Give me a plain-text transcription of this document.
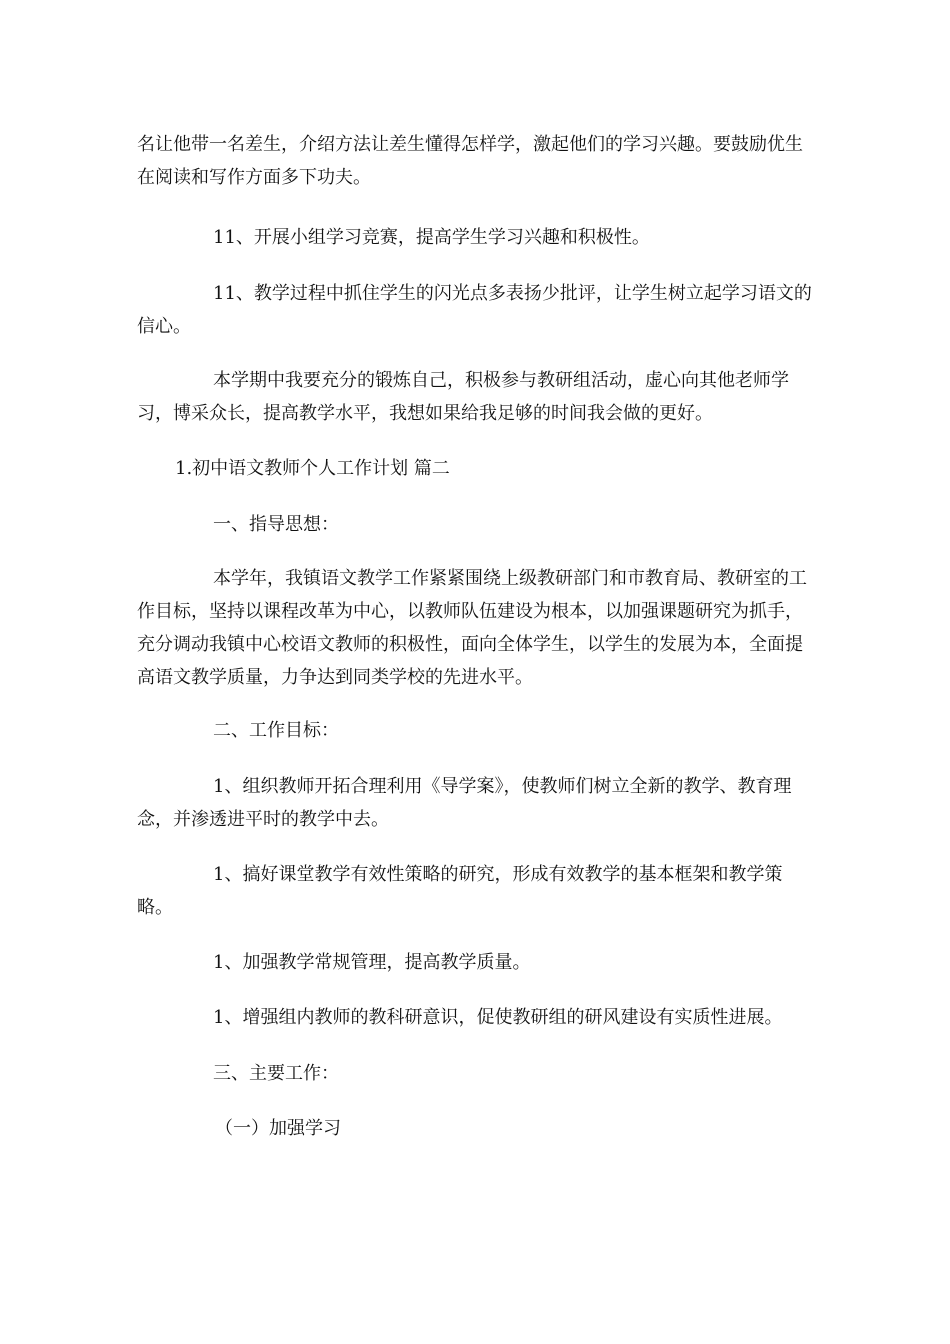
名让他带一名差生，介绍方法让差生懂得怎样学，激起他们的学习兴趣。要鼓励优生在阅读和写作方面多下功夫。

11、开展小组学习竞赛，提高学生学习兴趣和积极性。

11、教学过程中抓住学生的闪光点多表扬少批评，让学生树立起学习语文的信心。

本学期中我要充分的锻炼自己，积极参与教研组活动，虚心向其他老师学习，博采众长，提高教学水平，我想如果给我足够的时间我会做的更好。

1.初中语文教师个人工作计划 篇二

一、指导思想：

本学年，我镇语文教学工作紧紧围绕上级教研部门和市教育局、教研室的工作目标，坚持以课程改革为中心，以教师队伍建设为根本，以加强课题研究为抓手，充分调动我镇中心校语文教师的积极性，面向全体学生，以学生的发展为本，全面提高语文教学质量，力争达到同类学校的先进水平。

二、工作目标：

1、组织教师开拓合理利用《导学案》，使教师们树立全新的教学、教育理念，并渗透进平时的教学中去。

1、搞好课堂教学有效性策略的研究，形成有效教学的基本框架和教学策略。

1、加强教学常规管理，提高教学质量。

1、增强组内教师的教科研意识，促使教研组的研风建设有实质性进展。

三、主要工作：

（一）加强学习
